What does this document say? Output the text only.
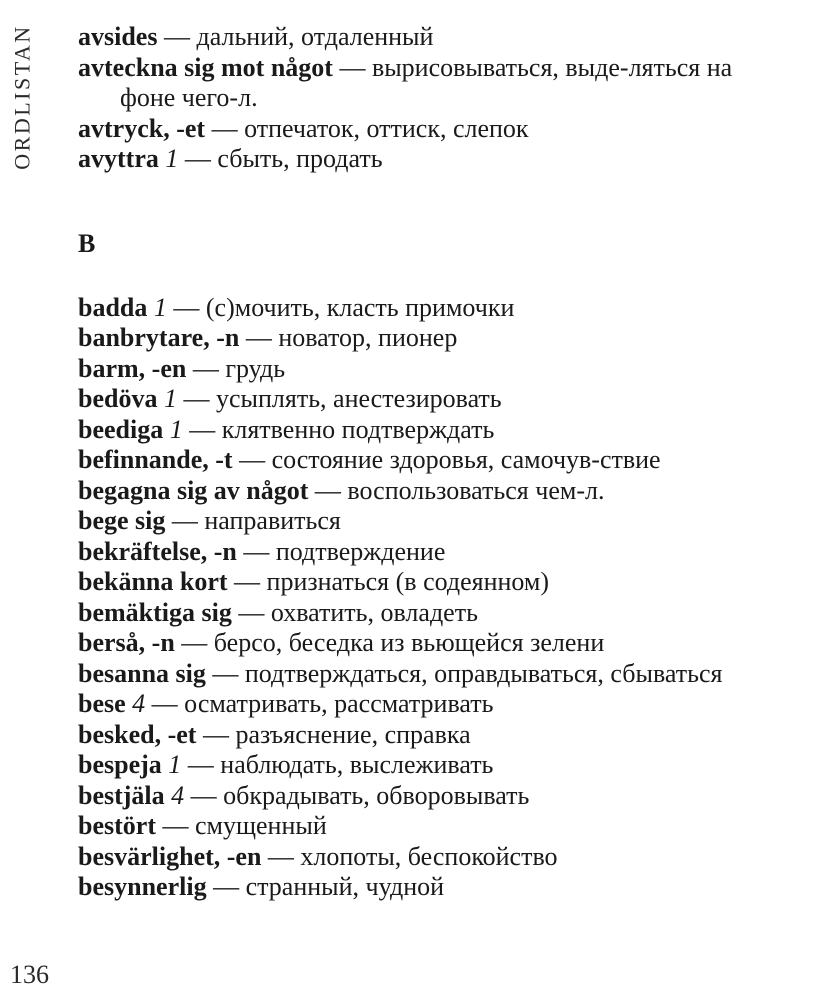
ORDLISTAN avsides — дальний, отдаленный

avteckna sig mot något — вырисовываться, выде-ляться на фоне чего-л.

avtryck, -et — отпечаток, оттиск, слепок

avyttra 1 — сбыть, продать

B

badda 1 — (с)мочить, класть примочки

banbrytare, -n — новатор, пионер

barm, -en — грудь

bedöva 1 — усыплять, анестезировать

beediga 1 — клятвенно подтверждать

befinnande, -t — состояние здоровья, самочув-ствие

begagna sig av något — воспользоваться чем-л.

bege sig — направиться

bekräftelse, -n — подтверждение

bekänna kort — признаться (в содеянном)

bemäktiga sig — охватить, овладеть

berså, -n — берсо, беседка из вьющейся зелени

besanna sig — подтверждаться, оправдываться, сбываться

bese 4 — осматривать, рассматривать

besked, -et — разъяснение, справка

bespeja 1 — наблюдать, выслеживать

bestjäla 4 — обкрадывать, обворовывать

bestört — смущенный

besvärlighet, -en — хлопоты, беспокойство

besynnerlig — странный, чудной

136
